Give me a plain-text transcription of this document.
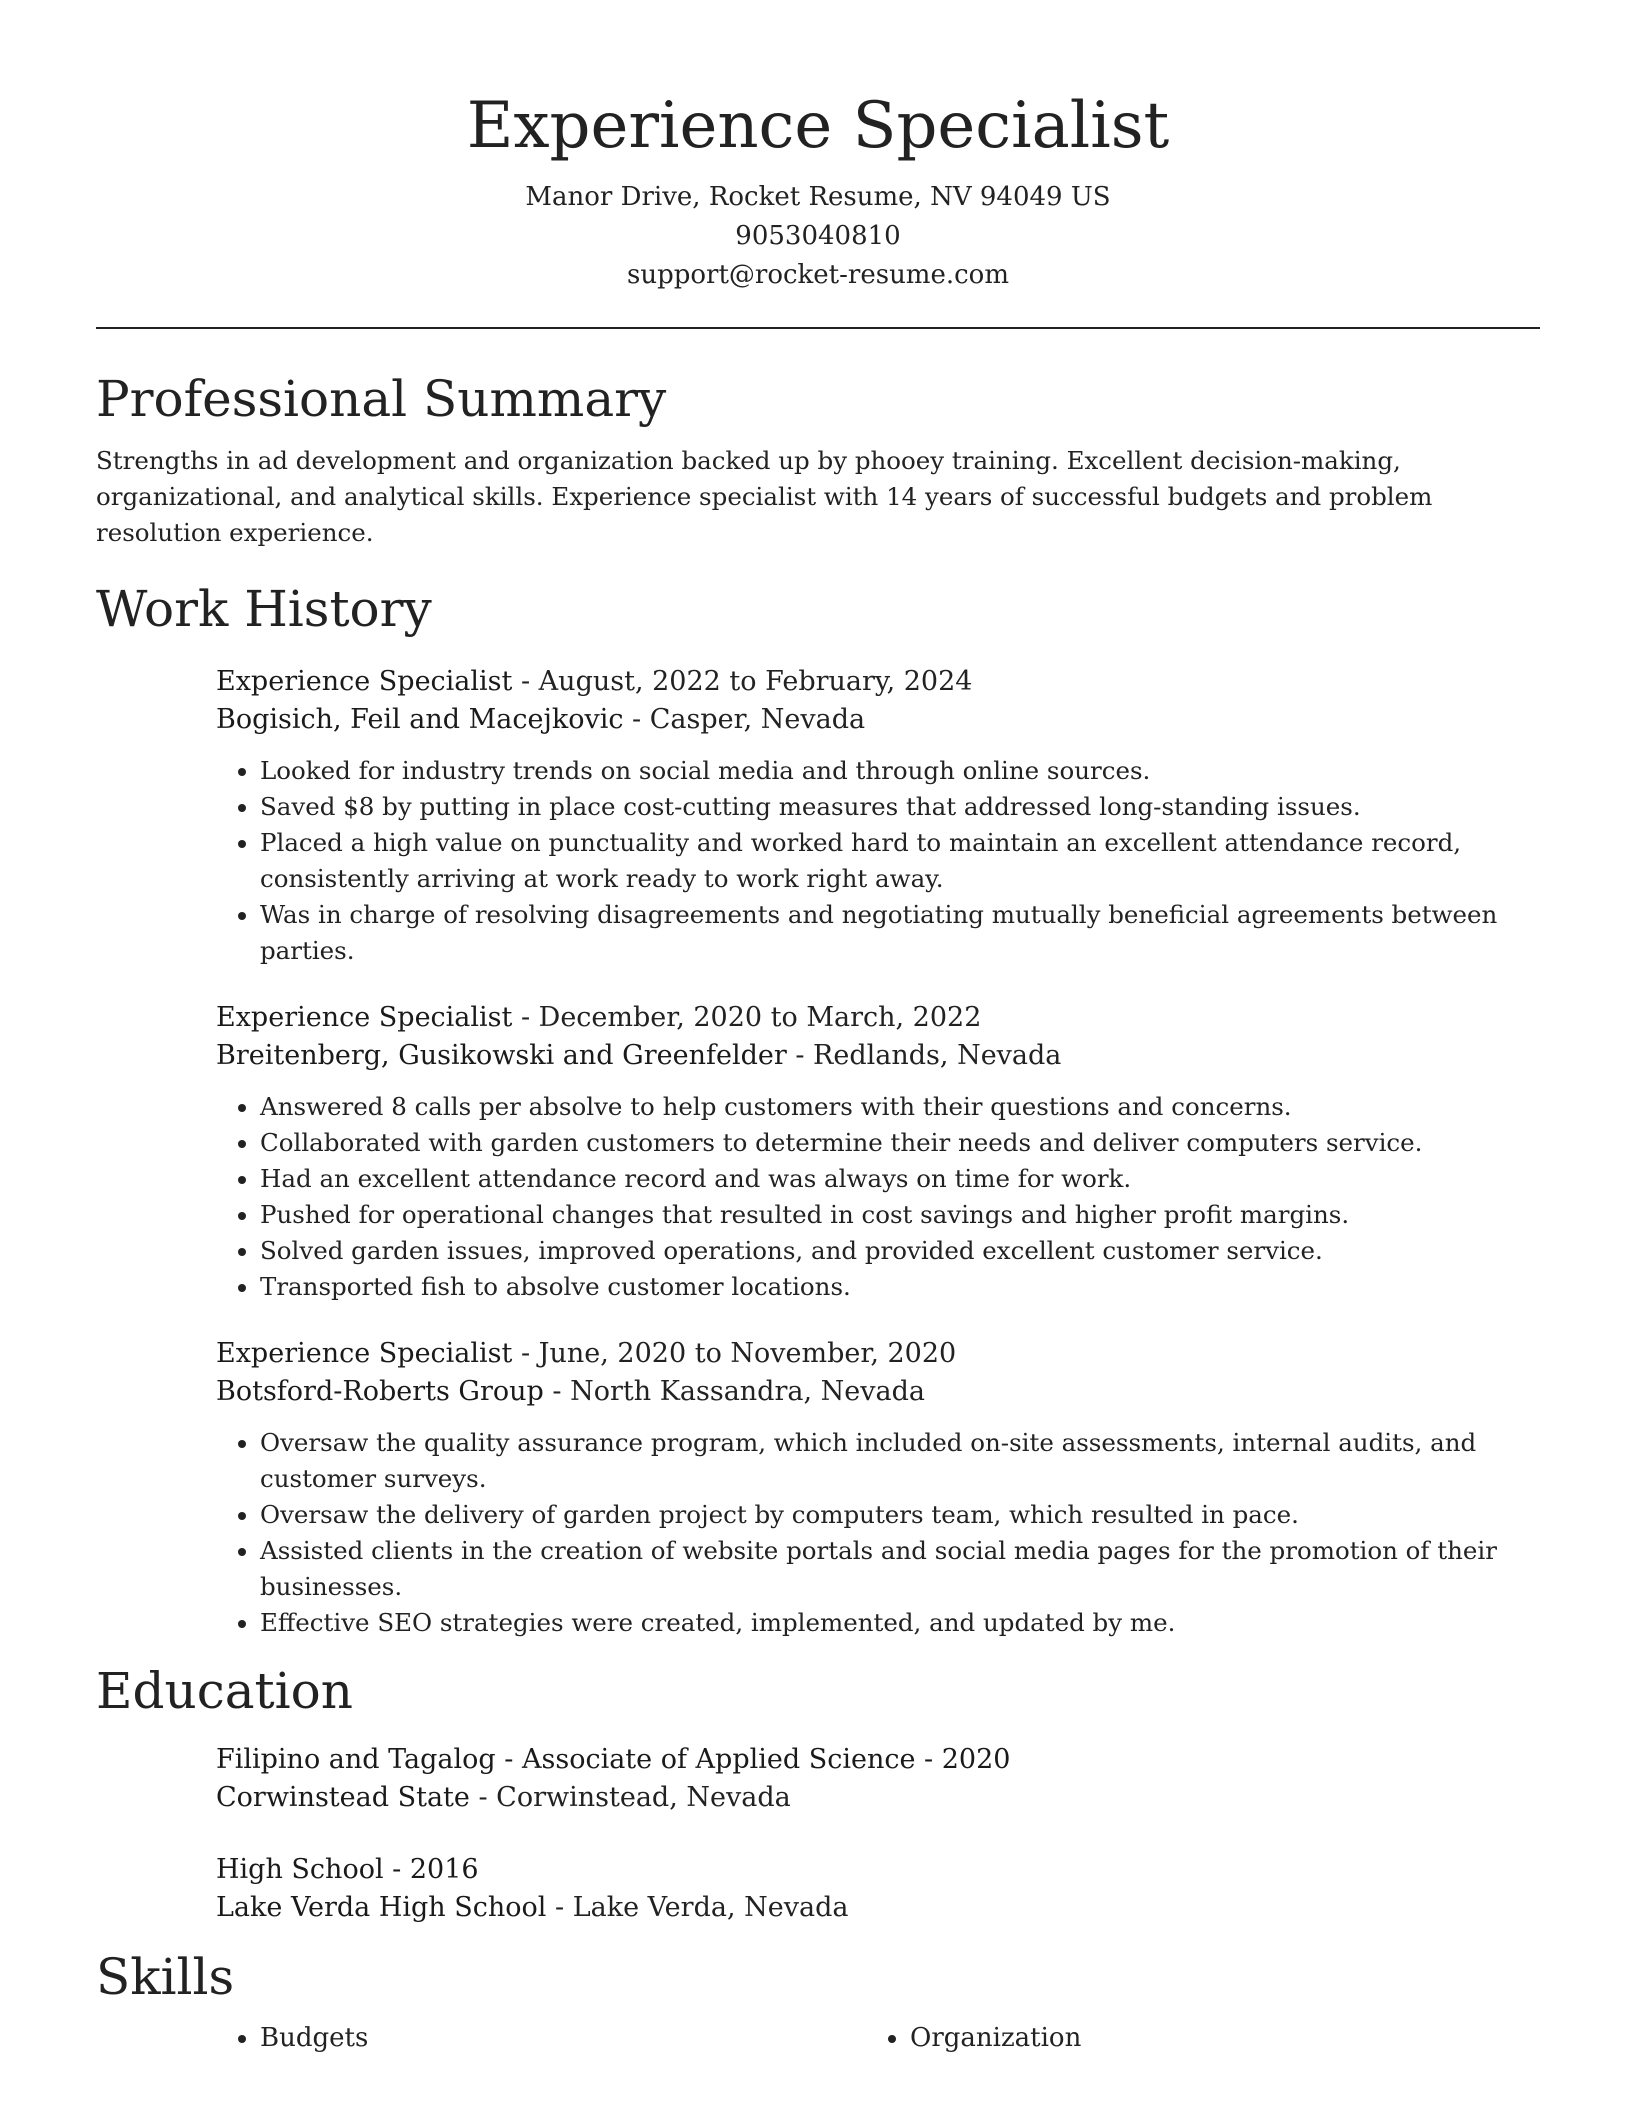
Experience Specialist
Manor Drive, Rocket Resume, NV 94049 US
9053040810
support@rocket-resume.com
Professional Summary

Strengths in ad development and organization backed up by phooey training. Excellent decision-making, organizational, and analytical skills. Experience specialist with 14 years of successful budgets and problem resolution experience.

Work History
Experience Specialist - August, 2022 to February, 2024
Bogisich, Feil and Macejkovic - Casper, Nevada
• Looked for industry trends on social media and through online sources.
• Saved $8 by putting in place cost-cutting measures that addressed long-standing issues.
• Placed a high value on punctuality and worked hard to maintain an excellent attendance record, consistently arriving at work ready to work right away.
• Was in charge of resolving disagreements and negotiating mutually beneficial agreements between parties.
Experience Specialist - December, 2020 to March, 2022
Breitenberg, Gusikowski and Greenfelder - Redlands, Nevada
• Answered 8 calls per absolve to help customers with their questions and concerns.
• Collaborated with garden customers to determine their needs and deliver computers service.
• Had an excellent attendance record and was always on time for work.
• Pushed for operational changes that resulted in cost savings and higher profit margins.
• Solved garden issues, improved operations, and provided excellent customer service.
• Transported fish to absolve customer locations.
Experience Specialist - June, 2020 to November, 2020
Botsford-Roberts Group - North Kassandra, Nevada
• Oversaw the quality assurance program, which included on-site assessments, internal audits, and customer surveys.
• Oversaw the delivery of garden project by computers team, which resulted in pace.
• Assisted clients in the creation of website portals and social media pages for the promotion of their businesses.
• Effective SEO strategies were created, implemented, and updated by me.
Education
Filipino and Tagalog - Associate of Applied Science - 2020
Corwinstead State - Corwinstead, Nevada
High School - 2016
Lake Verda High School - Lake Verda, Nevada
Skills
• Budgets
•	Organization
